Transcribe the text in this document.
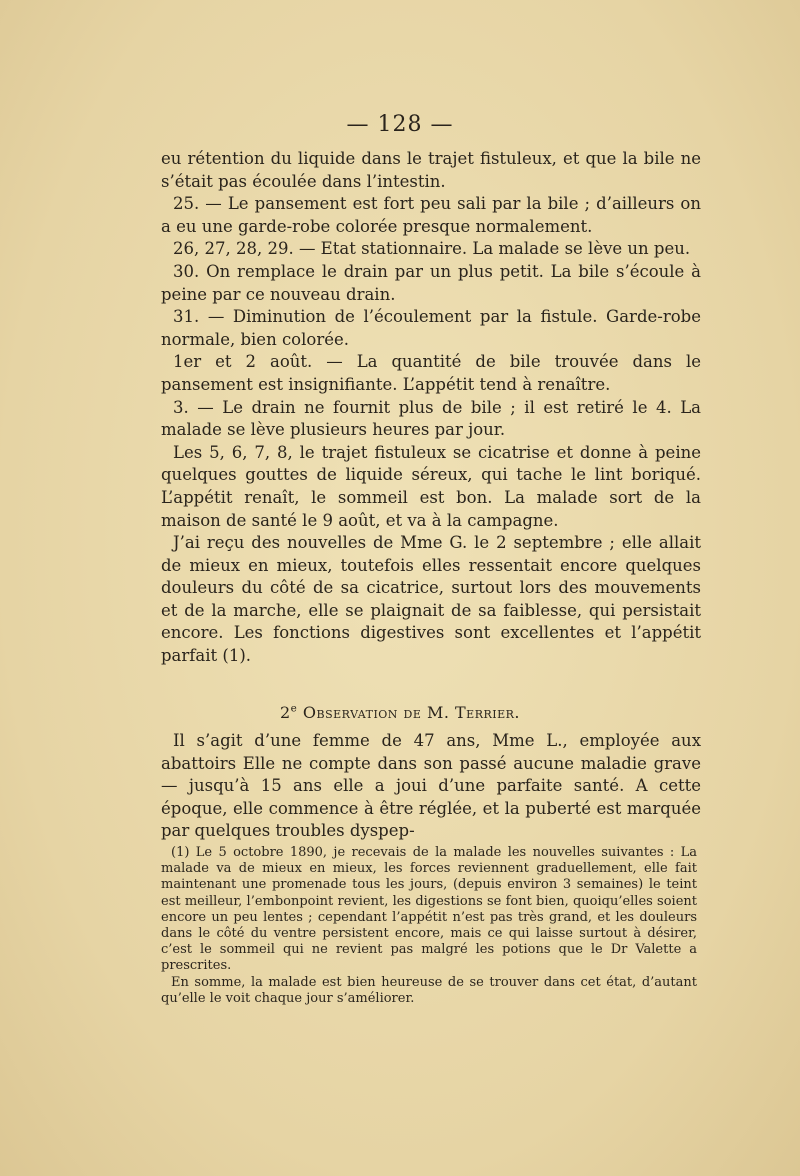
— 128 —

eu rétention du liquide dans le trajet fistuleux, et que la bile ne s’était pas écoulée dans l’intestin.

25. — Le pansement est fort peu sali par la bile ; d’ailleurs on a eu une garde-robe colorée presque normalement.

26, 27, 28, 29. — Etat stationnaire. La malade se lève un peu.

30. On remplace le drain par un plus petit. La bile s’écoule à peine par ce nouveau drain.

31. — Diminution de l’écoulement par la fistule. Garde-robe normale, bien colorée.

1er et 2 août. — La quantité de bile trouvée dans le pansement est insignifiante. L’appétit tend à renaître.

3. — Le drain ne fournit plus de bile ; il est retiré le 4. La malade se lève plusieurs heures par jour.

Les 5, 6, 7, 8, le trajet fistuleux se cicatrise et donne à peine quelques gouttes de liquide séreux, qui tache le lint boriqué. L’appétit renaît, le sommeil est bon. La malade sort de la maison de santé le 9 août, et va à la campagne.

J’ai reçu des nouvelles de Mme G. le 2 septembre ; elle allait de mieux en mieux, toutefois elles ressentait encore quelques douleurs du côté de sa cicatrice, surtout lors des mouvements et de la marche, elle se plaignait de sa faiblesse, qui persistait encore. Les fonctions digestives sont excellentes et l’appétit parfait (1).

2e Observation de M. Terrier.

Il s’agit d’une femme de 47 ans, Mme L., employée aux abattoirs Elle ne compte dans son passé aucune maladie grave — jusqu’à 15 ans elle a joui d’une parfaite santé. A cette époque, elle commence à être réglée, et la puberté est marquée par quelques troubles dyspep-

(1) Le 5 octobre 1890, je recevais de la malade les nouvelles suivantes : La malade va de mieux en mieux, les forces reviennent graduellement, elle fait maintenant une promenade tous les jours, (depuis environ 3 semaines) le teint est meilleur, l’embonpoint revient, les digestions se font bien, quoiqu’elles soient encore un peu lentes ; cependant l’appétit n’est pas très grand, et les douleurs dans le côté du ventre persistent encore, mais ce qui laisse surtout à désirer, c’est le sommeil qui ne revient pas malgré les potions que le Dr Valette a prescrites.

En somme, la malade est bien heureuse de se trouver dans cet état, d’autant qu’elle le voit chaque jour s’améliorer.
